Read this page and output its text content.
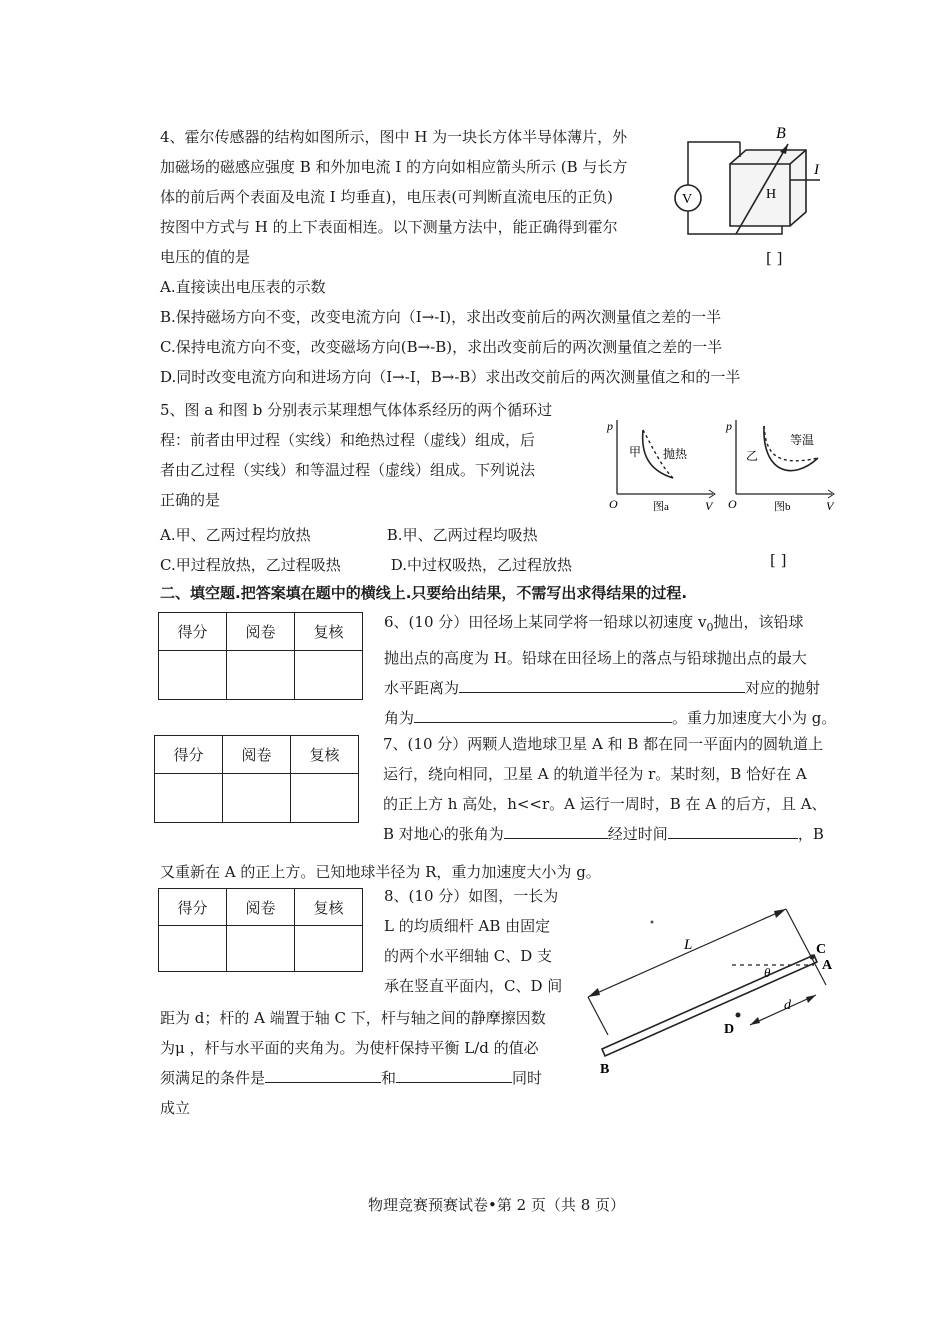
4、霍尔传感器的结构如图所示，图中 H 为一块长方体半导体薄片，外
加磁场的磁感应强度 B 和外加电流 I 的方向如相应箭头所示 (B 与长方
体的前后两个表面及电流 I 均垂直)，电压表(可判断直流电压的正负)
按图中方式与 H 的上下表面相连。以下测量方法中，能正确得到霍尔
电压的值的是	[ ]
V	H
B
I
A.直接读出电压表的示数
B.保持磁场方向不变，改变电流方向（I→-I)，求出改变前后的两次测量值之差的一半
C.保持电流方向不变，改变磁场方向(B→-B)，求出改变前后的两次测量值之差的一半
D.同时改变电流方向和进场方向（I→-I，B→-B）求出改交前后的两次测量值之和的一半
5、图 a 和图 b 分别表示某理想气体体系经历的两个循环过
程：前者由甲过程（实线）和绝热过程（虚线）组成，后
者由乙过程（实线）和等温过程（虚线）组成。下列说法
正确的是
p
V
O
甲 抛热
图a
p
V
O
乙
等温
图b
A.甲、乙两过程均放热	B.甲、乙两过程均吸热
C.甲过程放热，乙过程吸热	D.中过权吸热，乙过程放热	[ ]
二、填空题.把答案填在题中的横线上.只要给出结果，不需写出求得结果的过程.
得分	阅卷	复核

得分	阅卷	复核

得分	阅卷	复核

6、(10 分）田径场上某同学将一铅球以初速度 $v_0$抛出，该铅球
抛出点的高度为 H。铅球在田径场上的落点与铅球抛出点的最大
水平距离为	对应的抛射
角为	。重力加速度大小为 g。
7、(10 分）两颗人造地球卫星 A 和 B 都在同一平面内的圆轨道上
运行，绕向相同，卫星 A 的轨道半径为 r。某时刻，B 恰好在 A
的正上方 h 高处，h<<r。A 运行一周时，B 在 A 的后方，且 A、
B 对地心的张角为	经过时间	，B
又重新在 A 的正上方。已知地球半径为 R，重力加速度大小为 g。
8、(10 分）如图，一长为
L 的均质细杆 AB 由固定
的两个水平细轴 C、D 支
承在竖直平面内，C、D 间
距为 d；杆的 A 端置于轴 C 下，杆与轴之间的静摩擦因数
为μ ，杆与水平面的夹角为。为使杆保持平衡 L/d 的值必
须满足的条件是	和	同时
成立
L
θ
C
A
D
d
B
物理竞赛预赛试卷•第 2 页（共 8 页）
